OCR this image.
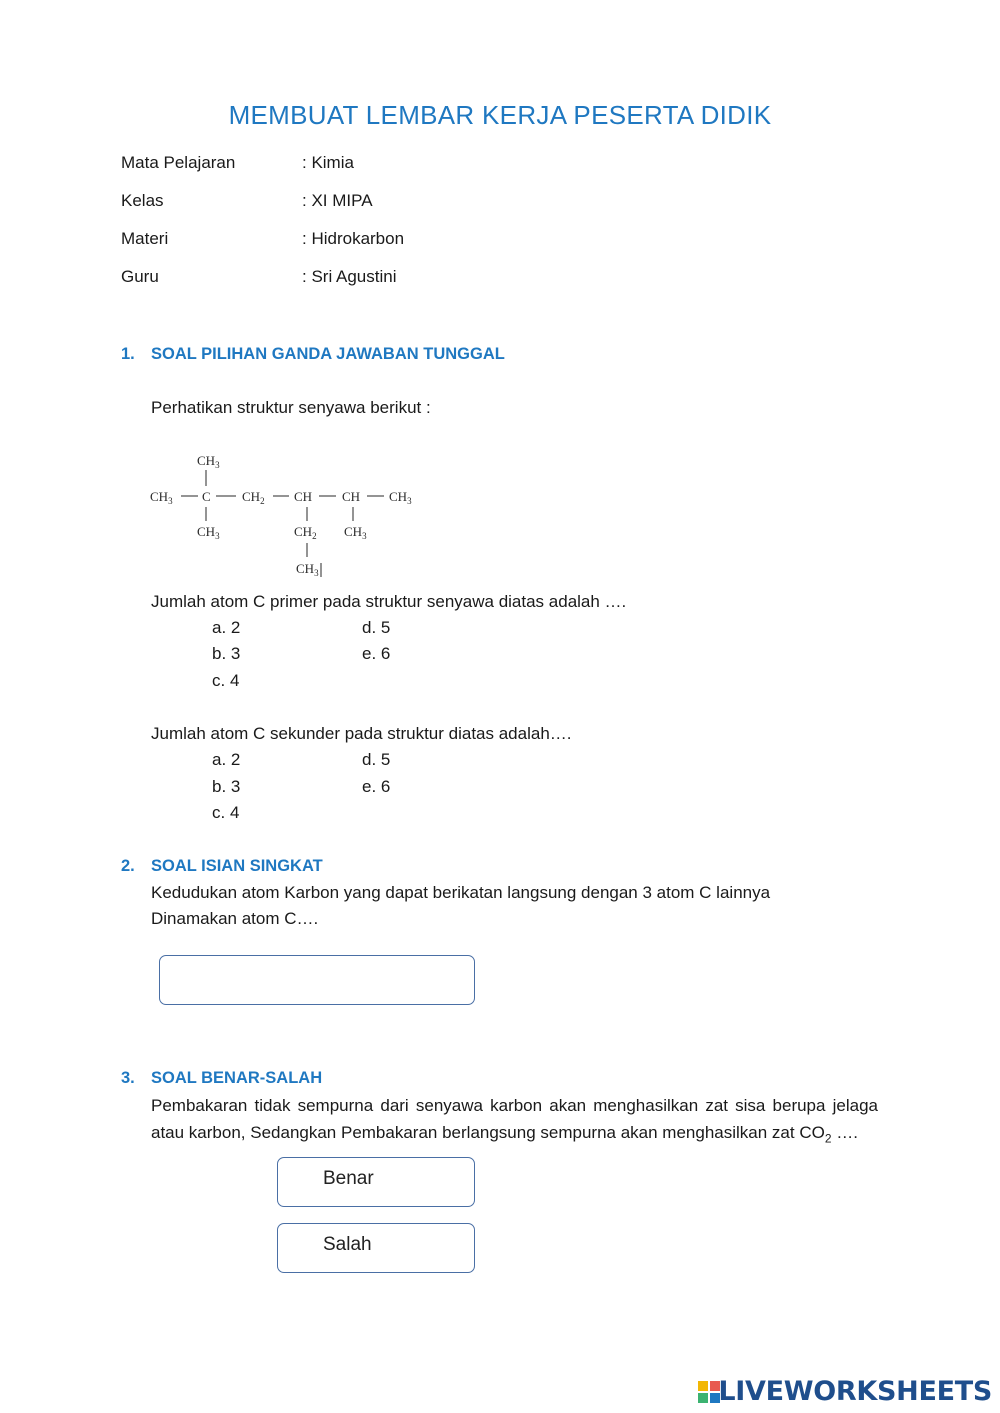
MEMBUAT LEMBAR KERJA PESERTA DIDIK
Mata Pelajaran	: Kimia
Kelas	: XI MIPA
Materi	: Hidrokarbon
Guru	: Sri Agustini
1. SOAL PILIHAN GANDA JAWABAN TUNGGAL
Perhatikan struktur senyawa berikut :
$CH_3$
$CH_3$ C $CH_2$ CH CH $CH_3$
$CH_3$	$CH_2$ $CH_3$
$CH_3$
Jumlah atom C primer pada struktur senyawa diatas adalah ….
a. 2	d. 5
b. 3	e. 6
c. 4
Jumlah atom C sekunder pada struktur diatas adalah….
a. 2	d. 5
b. 3	e. 6
c. 4
2. SOAL ISIAN SINGKAT
Kedudukan atom Karbon yang dapat berikatan langsung dengan 3 atom C lainnya
Dinamakan atom C….
3. SOAL BENAR-SALAH
Pembakaran tidak sempurna dari senyawa karbon akan menghasilkan zat sisa berupa jelaga atau karbon, Sedangkan Pembakaran berlangsung sempurna akan menghasilkan zat $CO_2$ ….
Benar
Salah
LIVEWORKSHEETS
